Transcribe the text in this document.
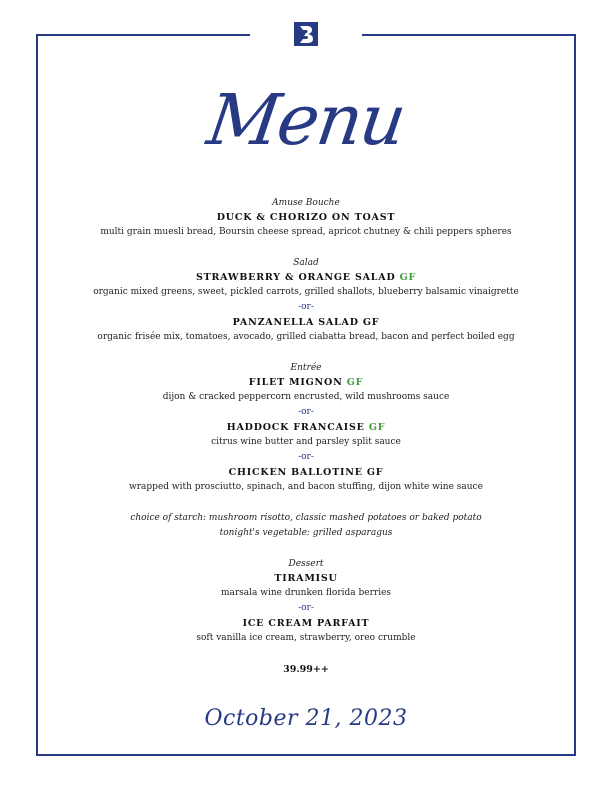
Menu
Amuse Bouche
DUCK & CHORIZO ON TOAST
multi grain muesli bread, Boursin cheese spread, apricot chutney & chili peppers spheres
Salad
STRAWBERRY & ORANGE SALAD GF
organic mixed greens, sweet, pickled carrots, grilled shallots, blueberry balsamic vinaigrette
-or-
PANZANELLA SALAD GF
organic frisée mix, tomatoes, avocado, grilled ciabatta bread, bacon and perfect boiled egg
Entrée
FILET MIGNON GF
dijon & cracked peppercorn encrusted, wild mushrooms sauce
-or-
HADDOCK FRANCAISE GF
citrus wine butter and parsley split sauce
-or-
CHICKEN BALLOTINE GF
wrapped with prosciutto, spinach, and bacon stuffing, dijon white wine sauce
choice of starch: mushroom risotto, classic mashed potatoes or baked potato
tonight's vegetable: grilled asparagus
Dessert
TIRAMISU
marsala wine drunken florida berries
-or-
ICE CREAM PARFAIT
soft vanilla ice cream, strawberry, oreo crumble
39.99++
October 21, 2023
